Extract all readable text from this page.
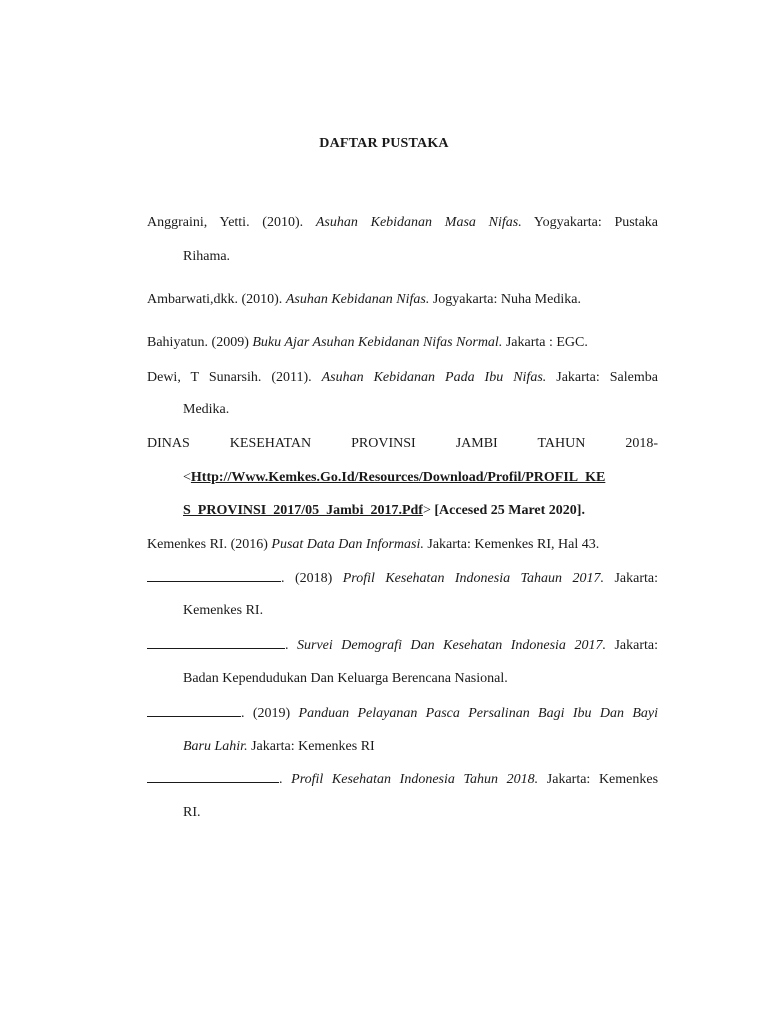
DAFTAR PUSTAKA
Anggraini, Yetti. (2010). Asuhan Kebidanan Masa Nifas. Yogyakarta: Pustaka
Rihama.
Ambarwati,dkk. (2010). Asuhan Kebidanan Nifas. Jogyakarta: Nuha Medika.
Bahiyatun. (2009) Buku Ajar Asuhan Kebidanan Nifas Normal. Jakarta : EGC.
Dewi, T Sunarsih. (2011). Asuhan Kebidanan Pada Ibu Nifas. Jakarta: Salemba
Medika.
DINAS KESEHATAN PROVINSI JAMBI TAHUN 2018-
<Http://Www.Kemkes.Go.Id/Resources/Download/Profil/PROFIL_KE
S_PROVINSI_2017/05_Jambi_2017.Pdf> [Accesed 25 Maret 2020].
Kemenkes RI. (2016) Pusat Data Dan Informasi. Jakarta: Kemenkes RI, Hal 43.
. (2018) Profil Kesehatan Indonesia Tahaun 2017. Jakarta:
Kemenkes RI.
. Survei Demografi Dan Kesehatan Indonesia 2017. Jakarta:
Badan Kependudukan Dan Keluarga Berencana Nasional.
. (2019) Panduan Pelayanan Pasca Persalinan Bagi Ibu Dan Bayi
Baru Lahir. Jakarta: Kemenkes RI
. Profil Kesehatan Indonesia Tahun 2018. Jakarta: Kemenkes
RI.
